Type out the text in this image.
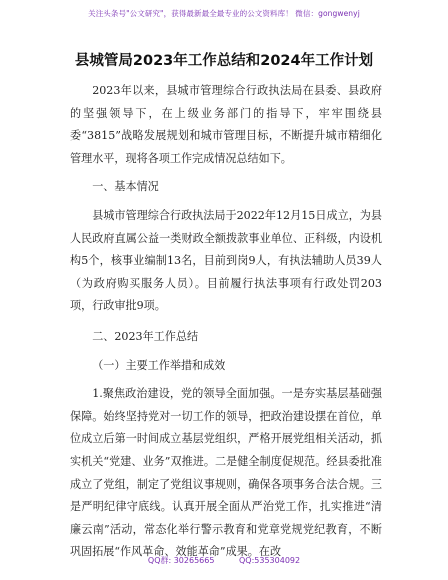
关注头条号"公文研究"，获得最新最全最专业的公文资料库！ 微信：gongwenyj
县城管局2023年工作总结和2024年工作计划

2023年以来，县城市管理综合行政执法局在县委、县政府的坚强领导下，在上级业务部门的指导下，牢牢围绕县委“3815”战略发展规划和城市管理目标，不断提升城市精细化管理水平，现将各项工作完成情况总结如下。

一、基本情况

县城市管理综合行政执法局于2022年12月15日成立，为县人民政府直属公益一类财政全额拨款事业单位、正科级，内设机构5个，核事业编制13名，目前到岗9人，有执法辅助人员39人（为政府购买服务人员）。目前履行执法事项有行政处罚203项，行政审批9项。

二、2023年工作总结

（一）主要工作举措和成效

1.聚焦政治建设，党的领导全面加强。一是夯实基层基础强保障。始终坚持党对一切工作的领导，把政治建设摆在首位，单位成立后第一时间成立基层党组织，严格开展党组相关活动，抓实机关“党建、业务”双推进。二是健全制度促规范。经县委批准成立了党组，制定了党组议事规则，确保各项事务合法合规。三是严明纪律守底线。认真开展全面从严治党工作，扎实推进“清廉云南”活动，常态化举行警示教育和党章党规党纪教育，不断巩固拓展“作风革命、效能革命”成果。在改

QQ群: 30265665	QQ:535304092
